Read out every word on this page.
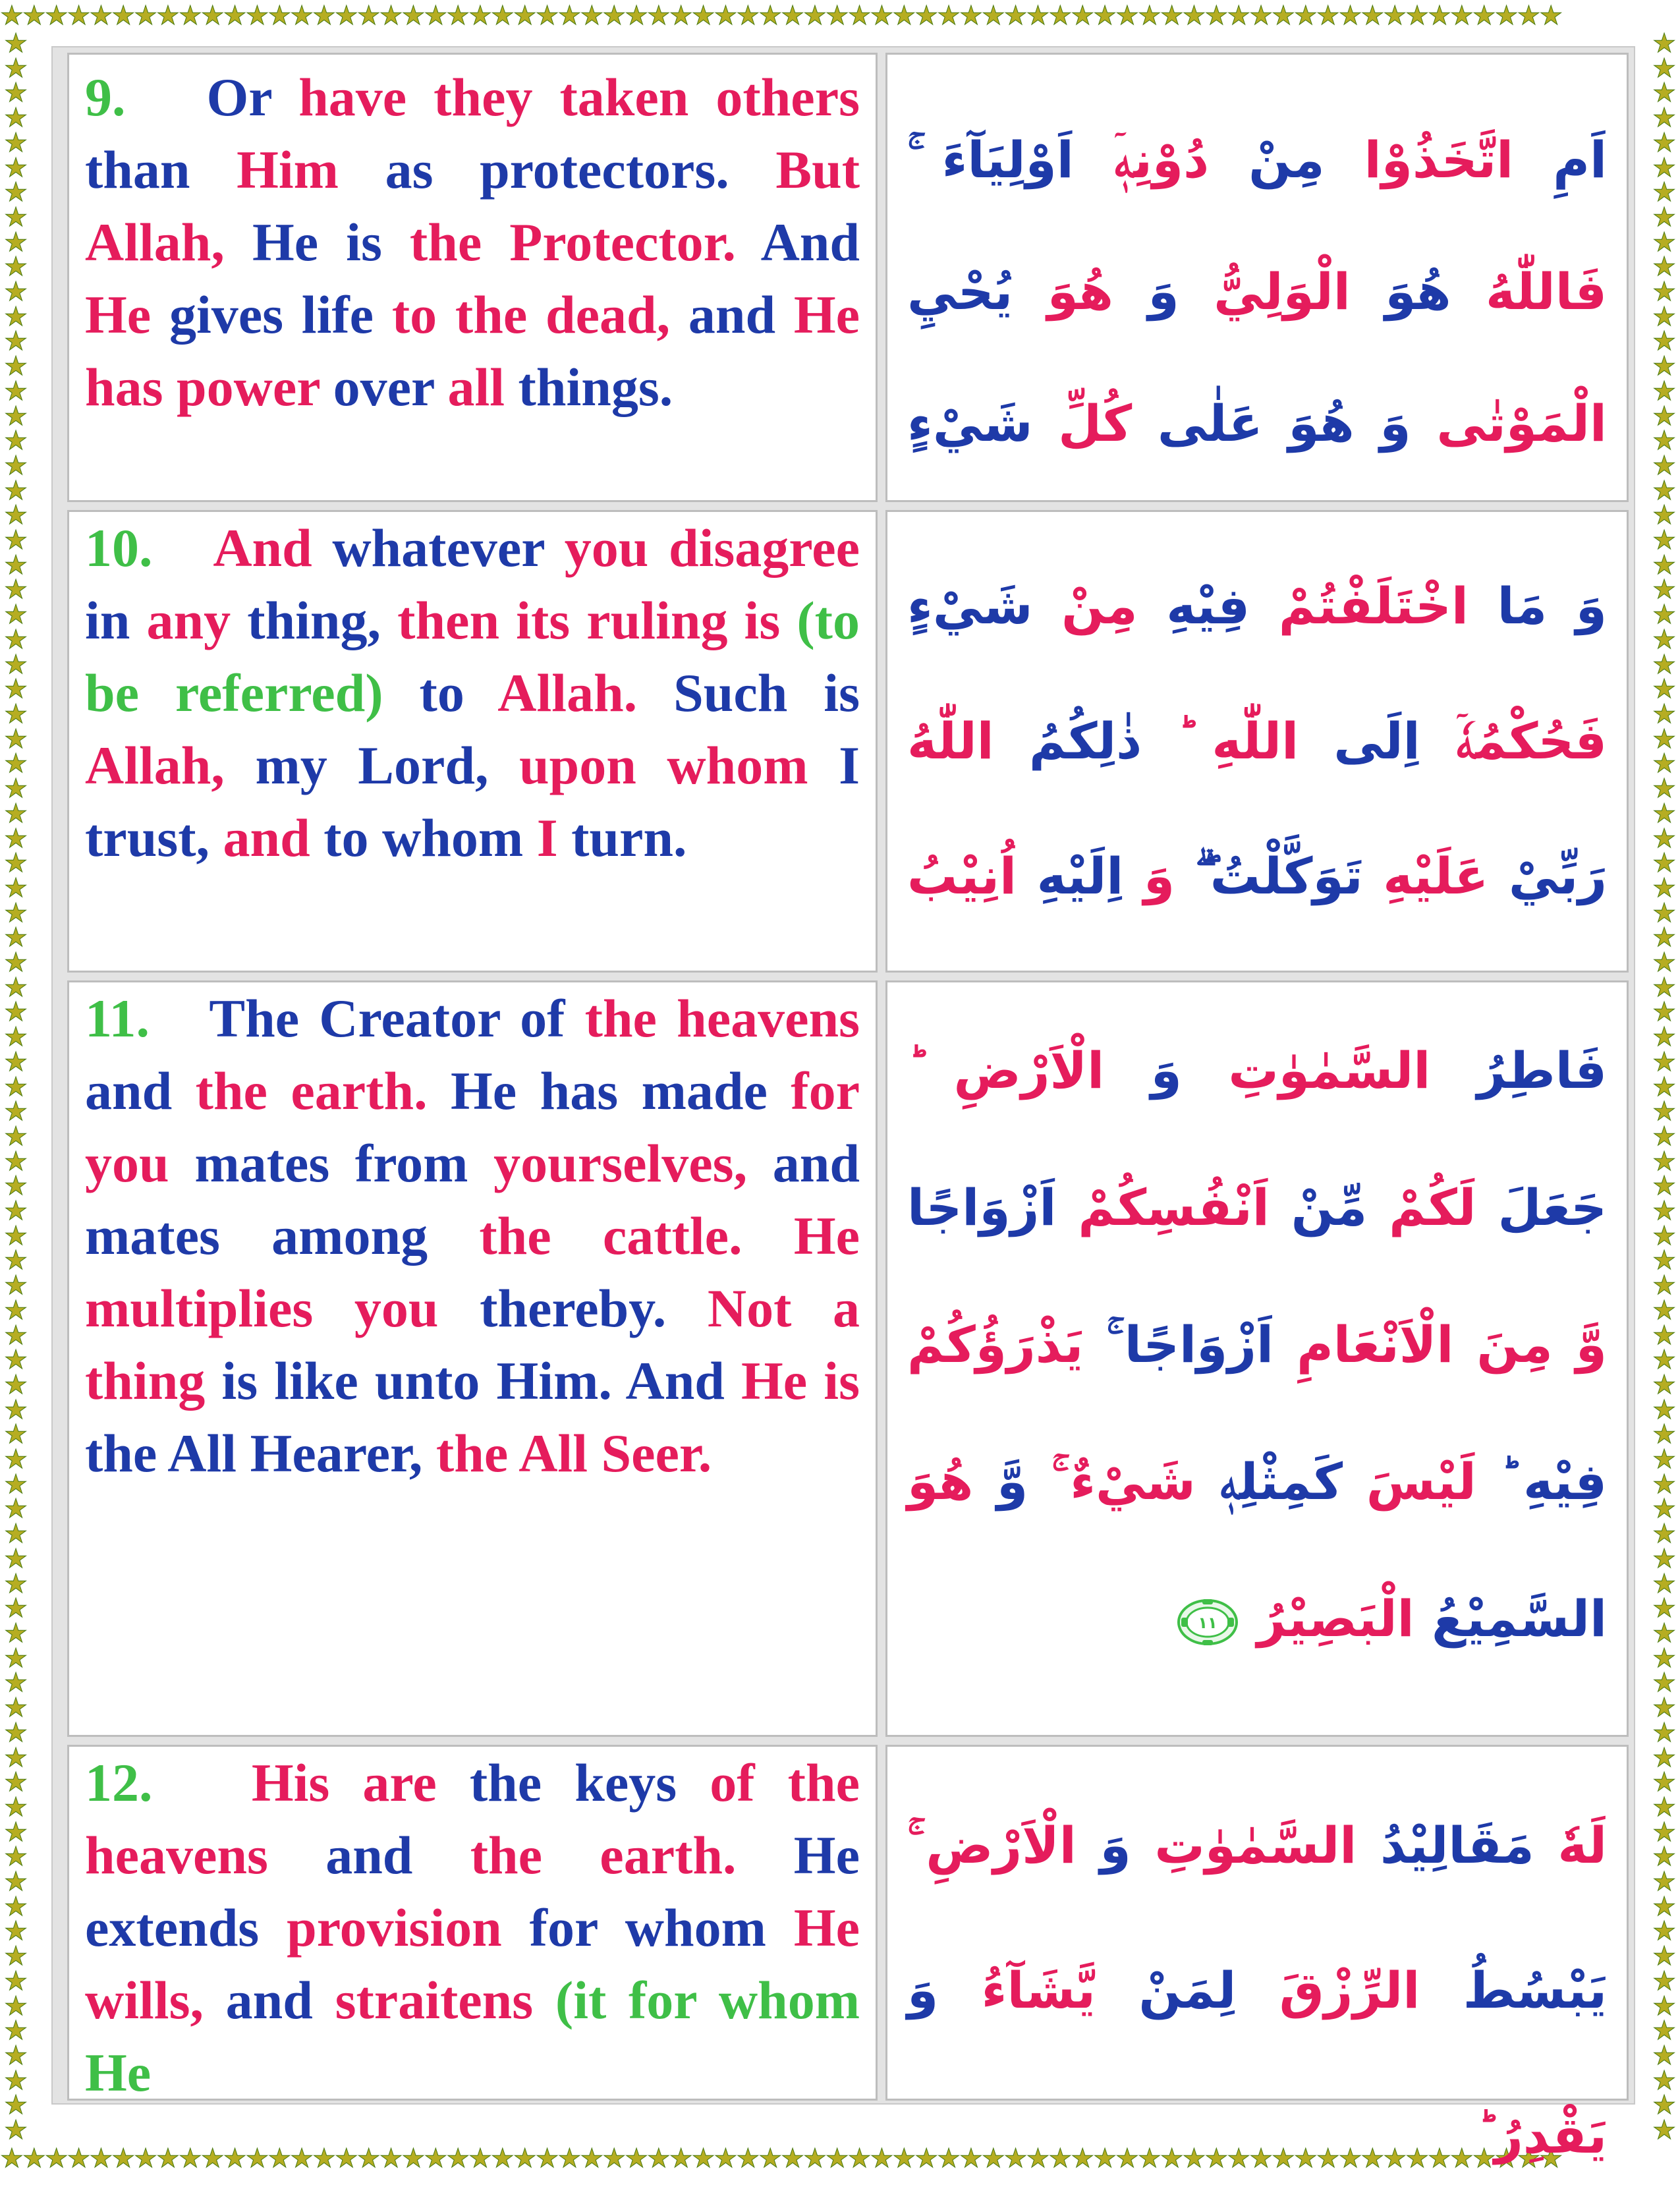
★★★★★★★★★★★★★★★★★★★★★★★★★★★★★★★★★★★★★★★★★★★★★★★★★★★★★★★★★★★★★★★★★★★★★★
★★★★★★★★★★★★★★★★★★★★★★★★★★★★★★★★★★★★★★★★★★★★★★★★★★★★★★★★★★★★★★★★★★★★★★
★
★
★
★
★
★
★
★
★
★
★
★
★
★
★
★
★
★
★
★
★
★
★
★
★
★
★
★
★
★
★
★
★
★
★
★
★
★
★
★
★
★
★
★
★
★
★
★
★
★
★
★
★
★
★
★
★
★
★
★
★
★
★
★
★
★
★
★
★
★
★
★
★
★
★
★
★
★
★
★
★
★
★
★
★
★
★
★
★
★
★
★
★
★
★
★
★
★
★
★
★
★
★
★
★
★
★
★
★
★
★
★
★
★
★
★
★
★
★
★
★
★
★
★
★
★
★
★
★
★
★
★
★
★
★
★
★
★
★
★
★
★
★
★
★
★
★
★
★
★
★
★
★
★
★
★
★
★
★
★
★
★
★
★
★
★
★
★
★
★

9.   Or have they taken others than Him as protectors. But Allah, He is the Protector. And He gives life to the dead, and He has power over all things.

اَمِ اتَّخَذُوْا مِنْ دُوْنِهٖۤ اَوْلِيَآءَ ۚ فَاللّٰهُ هُوَ الْوَلِيُّ وَ هُوَ يُحْيِ الْمَوْتٰى وَ هُوَ عَلٰى كُلِّ شَيْءٍ

10.   And whatever you disagree in any thing, then its ruling is (to be referred) to Allah. Such is Allah, my Lord, upon whom I trust, and to whom I turn.

وَ مَا اخْتَلَفْتُمْ فِيْهِ مِنْ شَيْءٍ فَحُكْمُهٗۤ اِلَى اللّٰهِ ؕ ذٰلِكُمُ اللّٰهُ رَبِّيْ عَلَيْهِ تَوَكَّلْتُ ۖۗ وَ اِلَيْهِ اُنِيْبُ

11.   The Creator of the heavens and the earth. He has made for you mates from yourselves, and mates among the cattle. He multiplies you thereby. Not a thing is like unto Him. And He is the All Hearer, the All Seer.

فَاطِرُ السَّمٰوٰتِ وَ الْاَرْضِ ؕ جَعَلَ لَكُمْ مِّنْ اَنْفُسِكُمْ اَزْوَاجًا وَّ مِنَ الْاَنْعَامِ اَزْوَاجًا ۚ يَذْرَؤُكُمْ فِيْهِ ؕ لَيْسَ كَمِثْلِهٖ شَيْءٌ ۚ وَّ هُوَ السَّمِيْعُ الْبَصِيْرُ
١١

12.   His are the keys of the heavens and the earth. He extends provision for whom He wills, and straitens (it for whom He

لَهٗ مَقَالِيْدُ السَّمٰوٰتِ وَ الْاَرْضِ ۚ يَبْسُطُ الرِّزْقَ لِمَنْ يَّشَآءُ وَ يَقْدِرُ ؕ
